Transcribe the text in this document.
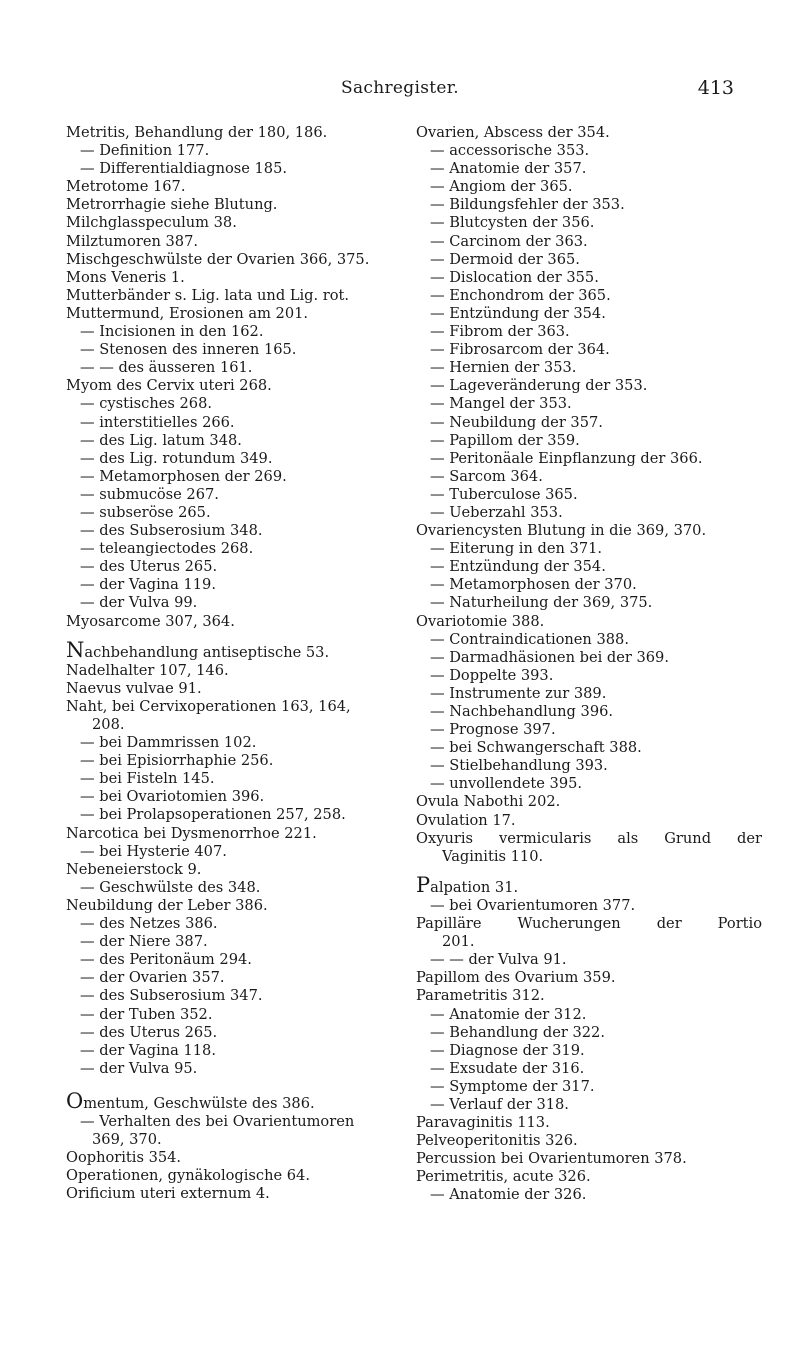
Sachregister.	413
Metritis, Behandlung der 180, 186.
— Definition 177.
— Differentialdiagnose 185.
Metrotome 167.
Metrorrhagie siehe Blutung.
Milchglasspeculum 38.
Milztumoren 387.
Mischgeschwülste der Ovarien 366, 375.
Mons Veneris 1.
Mutterbänder s. Lig. lata und Lig. rot.
Muttermund, Erosionen am 201.
— Incisionen in den 162.
— Stenosen des inneren 165.
— — des äusseren 161.
Myom des Cervix uteri 268.
— cystisches 268.
— interstitielles 266.
— des Lig. latum 348.
— des Lig. rotundum 349.
— Metamorphosen der 269.
— submucöse 267.
— subseröse 265.
— des Subserosium 348.
— teleangiectodes 268.
— des Uterus 265.
— der Vagina 119.
— der Vulva 99.
Myosarcome 307, 364.
Nachbehandlung antiseptische 53.
Nadelhalter 107, 146.
Naevus vulvae 91.
Naht, bei Cervixoperationen 163, 164,
208.
— bei Dammrissen 102.
— bei Episiorrhaphie 256.
— bei Fisteln 145.
— bei Ovariotomien 396.
— bei Prolapsoperationen 257, 258.
Narcotica bei Dysmenorrhoe 221.
— bei Hysterie 407.
Nebeneierstock 9.
— Geschwülste des 348.
Neubildung der Leber 386.
— des Netzes 386.
— der Niere 387.
— des Peritonäum 294.
— der Ovarien 357.
— des Subserosium 347.
— der Tuben 352.
— des Uterus 265.
— der Vagina 118.
— der Vulva 95.
Omentum, Geschwülste des 386.
— Verhalten des bei Ovarientumoren
369, 370.
Oophoritis 354.
Operationen, gynäkologische 64.
Orificium uteri externum 4.
Ovarien, Abscess der 354.
— accessorische 353.
— Anatomie der 357.
— Angiom der 365.
— Bildungsfehler der 353.
— Blutcysten der 356.
— Carcinom der 363.
— Dermoid der 365.
— Dislocation der 355.
— Enchondrom der 365.
— Entzündung der 354.
— Fibrom der 363.
— Fibrosarcom der 364.
— Hernien der 353.
— Lageveränderung der 353.
— Mangel der 353.
— Neubildung der 357.
— Papillom der 359.
— Peritonäale Einpflanzung der 366.
— Sarcom 364.
— Tuberculose 365.
— Ueberzahl 353.
Ovariencysten Blutung in die 369, 370.
— Eiterung in den 371.
— Entzündung der 354.
— Metamorphosen der 370.
— Naturheilung der 369, 375.
Ovariotomie 388.
— Contraindicationen 388.
— Darmadhäsionen bei der 369.
— Doppelte 393.
— Instrumente zur 389.
— Nachbehandlung 396.
— Prognose 397.
— bei Schwangerschaft 388.
— Stielbehandlung 393.
— unvollendete 395.
Ovula Nabothi 202.
Ovulation 17.
Oxyuris vermicularis als Grund der
Vaginitis 110.
Palpation 31.
— bei Ovarientumoren 377.
Papilläre Wucherungen der Portio
201.
— — der Vulva 91.
Papillom des Ovarium 359.
Parametritis 312.
— Anatomie der 312.
— Behandlung der 322.
— Diagnose der 319.
— Exsudate der 316.
— Symptome der 317.
— Verlauf der 318.
Paravaginitis 113.
Pelveoperitonitis 326.
Percussion bei Ovarientumoren 378.
Perimetritis, acute 326.
— Anatomie der 326.
